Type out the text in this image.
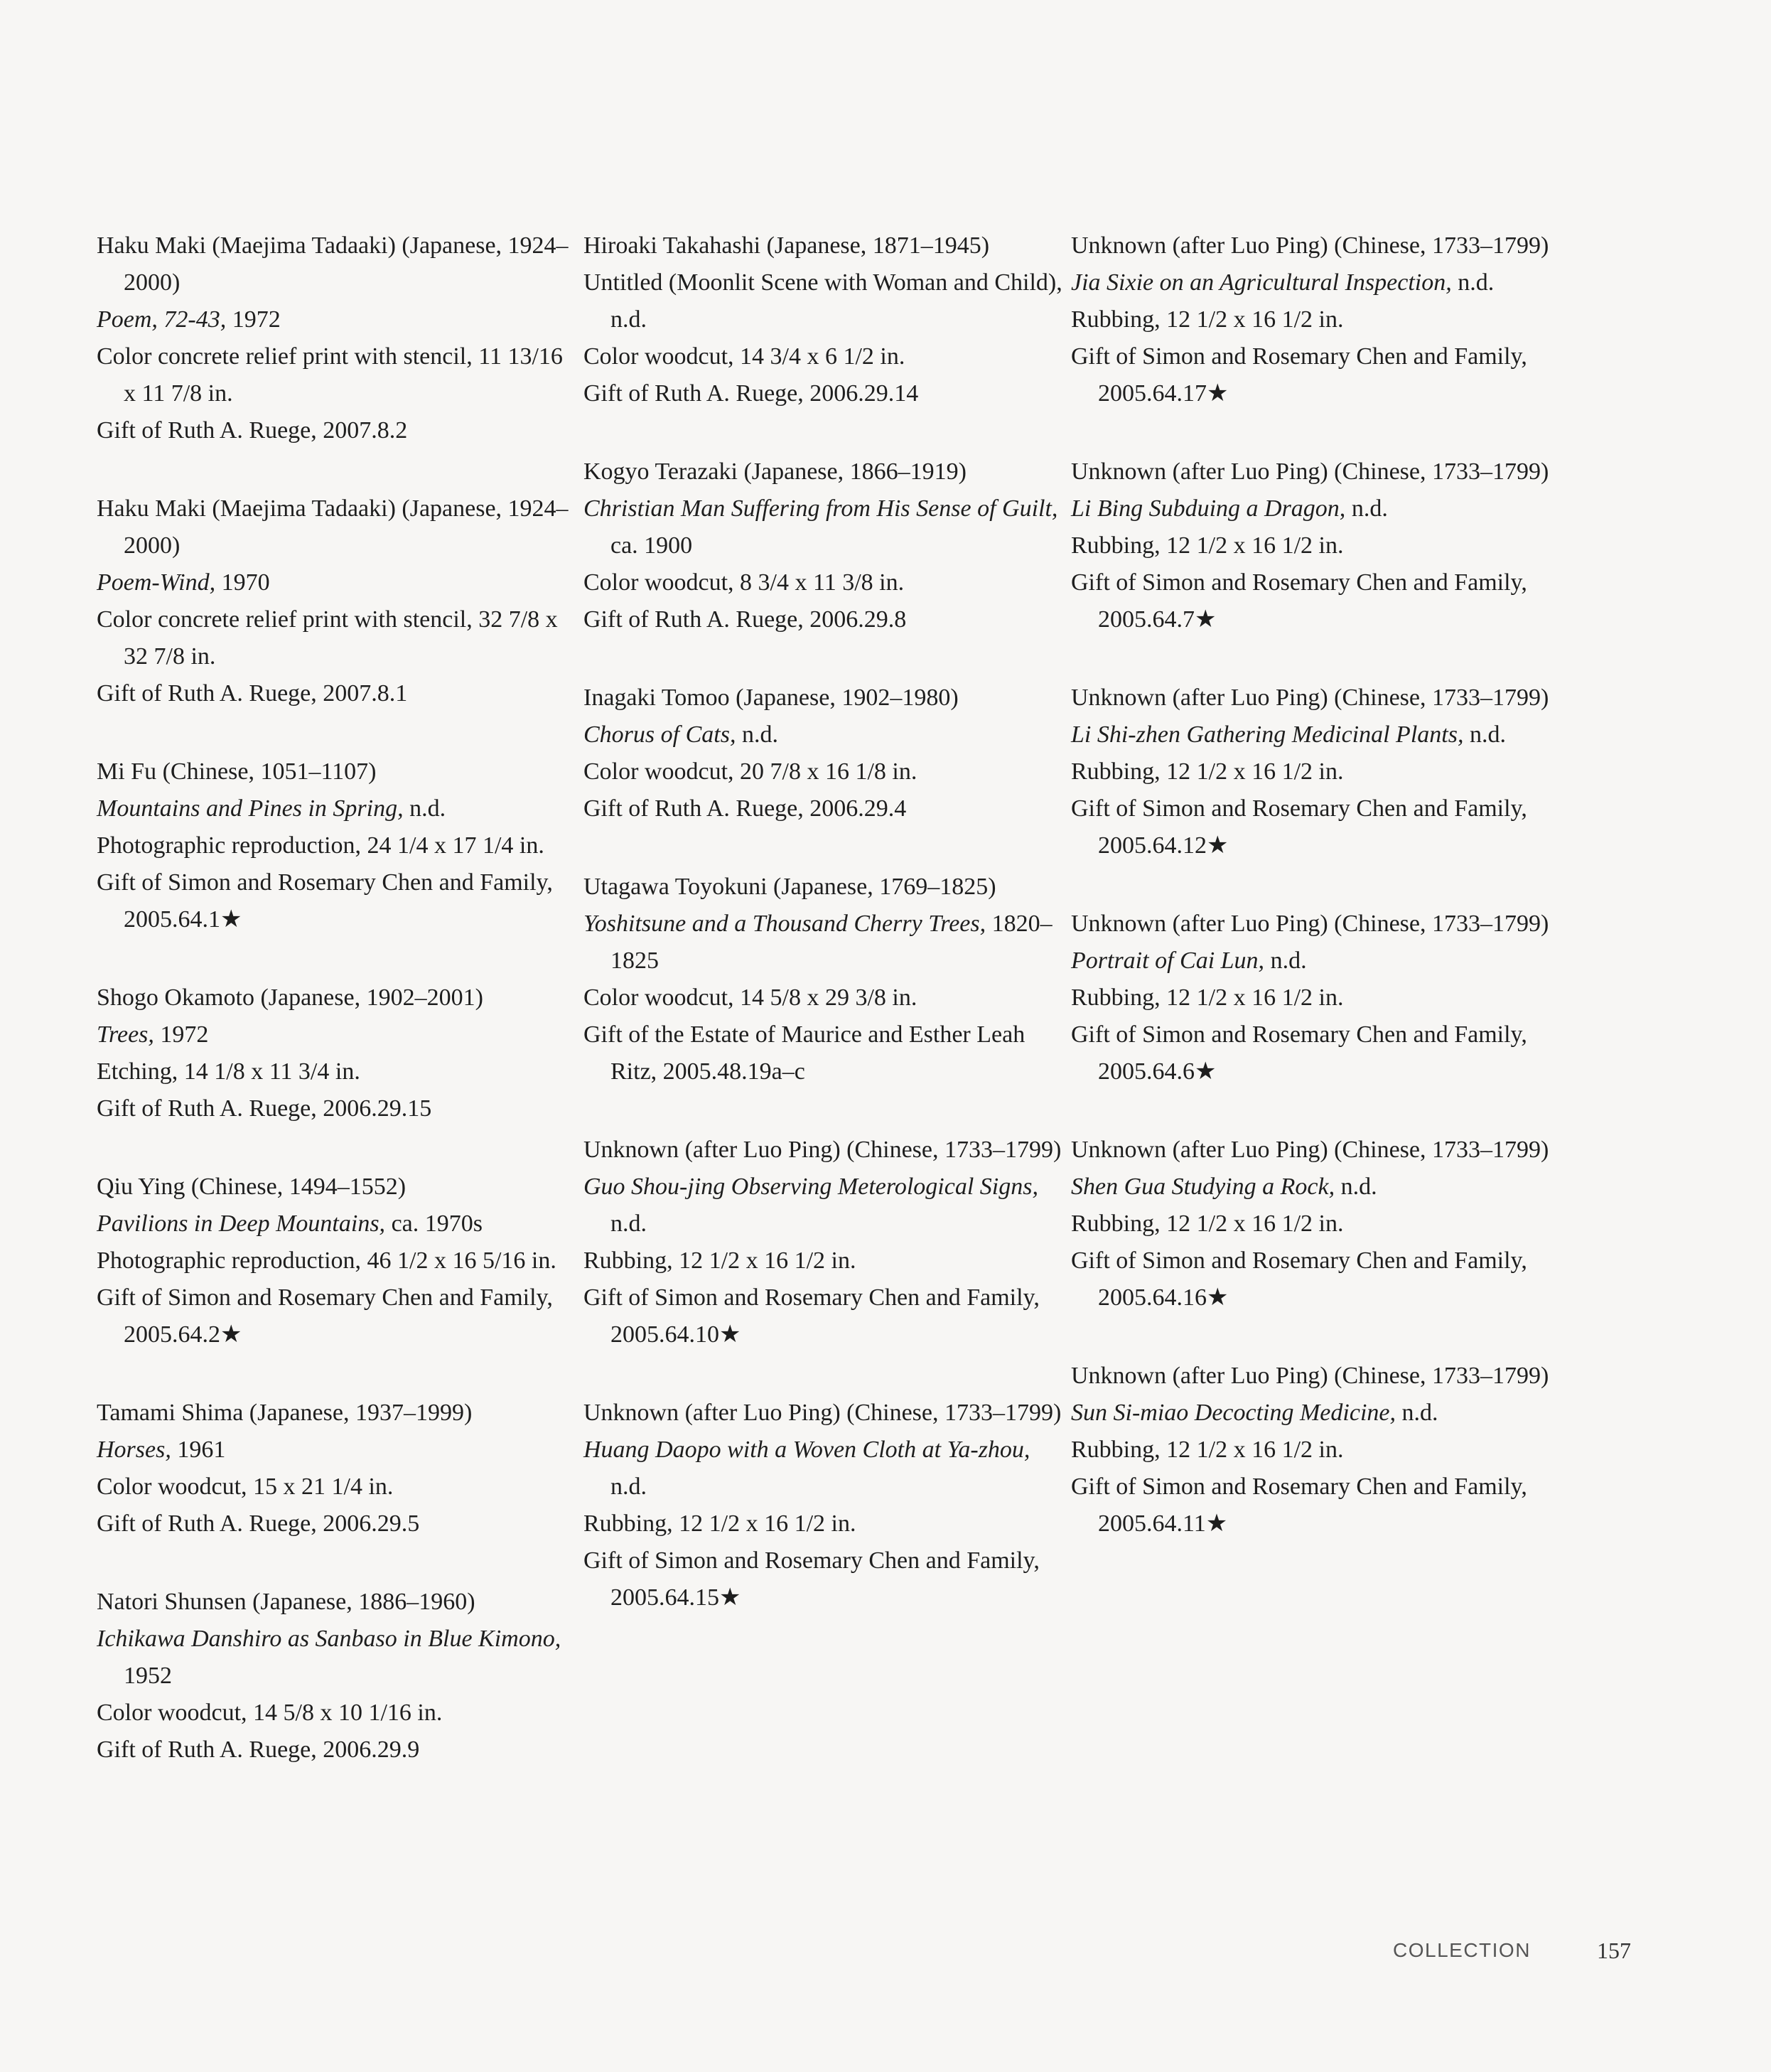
Haku Maki (Maejima Tadaaki) (Japanese, 1924–2000)
Poem, 72-43, 1972
Color concrete relief print with stencil, 11 13/16 x 11 7/8 in.
Gift of Ruth A. Ruege, 2007.8.2
Haku Maki (Maejima Tadaaki) (Japanese, 1924–2000)
Poem-Wind, 1970
Color concrete relief print with stencil, 32 7/8 x 32 7/8 in.
Gift of Ruth A. Ruege, 2007.8.1
Mi Fu (Chinese, 1051–1107)
Mountains and Pines in Spring, n.d.
Photographic reproduction, 24 1/4 x 17 1/4 in.
Gift of Simon and Rosemary Chen and Family, 2005.64.1★
Shogo Okamoto (Japanese, 1902–2001)
Trees, 1972
Etching, 14 1/8 x 11 3/4 in.
Gift of Ruth A. Ruege, 2006.29.15
Qiu Ying (Chinese, 1494–1552)
Pavilions in Deep Mountains, ca. 1970s
Photographic reproduction, 46 1/2 x 16 5/16 in.
Gift of Simon and Rosemary Chen and Family, 2005.64.2★
Tamami Shima (Japanese, 1937–1999)
Horses, 1961
Color woodcut, 15 x 21 1/4 in.
Gift of Ruth A. Ruege, 2006.29.5
Natori Shunsen (Japanese, 1886–1960)
Ichikawa Danshiro as Sanbaso in Blue Kimono, 1952
Color woodcut, 14 5/8 x 10 1/16 in.
Gift of Ruth A. Ruege, 2006.29.9
Hiroaki Takahashi (Japanese, 1871–1945)
Untitled (Moonlit Scene with Woman and Child), n.d.
Color woodcut, 14 3/4 x 6 1/2 in.
Gift of Ruth A. Ruege, 2006.29.14
Kogyo Terazaki (Japanese, 1866–1919)
Christian Man Suffering from His Sense of Guilt, ca. 1900
Color woodcut, 8 3/4 x 11 3/8 in.
Gift of Ruth A. Ruege, 2006.29.8
Inagaki Tomoo (Japanese, 1902–1980)
Chorus of Cats, n.d.
Color woodcut, 20 7/8 x 16 1/8 in.
Gift of Ruth A. Ruege, 2006.29.4
Utagawa Toyokuni (Japanese, 1769–1825)
Yoshitsune and a Thousand Cherry Trees, 1820–1825
Color woodcut, 14 5/8 x 29 3/8 in.
Gift of the Estate of Maurice and Esther Leah Ritz, 2005.48.19a–c
Unknown (after Luo Ping) (Chinese, 1733–1799)
Guo Shou-jing Observing Meterological Signs, n.d.
Rubbing, 12 1/2 x 16 1/2 in.
Gift of Simon and Rosemary Chen and Family, 2005.64.10★
Unknown (after Luo Ping) (Chinese, 1733–1799)
Huang Daopo with a Woven Cloth at Ya-zhou, n.d.
Rubbing, 12 1/2 x 16 1/2 in.
Gift of Simon and Rosemary Chen and Family, 2005.64.15★
Unknown (after Luo Ping) (Chinese, 1733–1799)
Jia Sixie on an Agricultural Inspection, n.d.
Rubbing, 12 1/2 x 16 1/2 in.
Gift of Simon and Rosemary Chen and Family, 2005.64.17★
Unknown (after Luo Ping) (Chinese, 1733–1799)
Li Bing Subduing a Dragon, n.d.
Rubbing, 12 1/2 x 16 1/2 in.
Gift of Simon and Rosemary Chen and Family, 2005.64.7★
Unknown (after Luo Ping) (Chinese, 1733–1799)
Li Shi-zhen Gathering Medicinal Plants, n.d.
Rubbing, 12 1/2 x 16 1/2 in.
Gift of Simon and Rosemary Chen and Family, 2005.64.12★
Unknown (after Luo Ping) (Chinese, 1733–1799)
Portrait of Cai Lun, n.d.
Rubbing, 12 1/2 x 16 1/2 in.
Gift of Simon and Rosemary Chen and Family, 2005.64.6★
Unknown (after Luo Ping) (Chinese, 1733–1799)
Shen Gua Studying a Rock, n.d.
Rubbing, 12 1/2 x 16 1/2 in.
Gift of Simon and Rosemary Chen and Family, 2005.64.16★
Unknown (after Luo Ping) (Chinese, 1733–1799)
Sun Si-miao Decocting Medicine, n.d.
Rubbing, 12 1/2 x 16 1/2 in.
Gift of Simon and Rosemary Chen and Family, 2005.64.11★
COLLECTION	157
